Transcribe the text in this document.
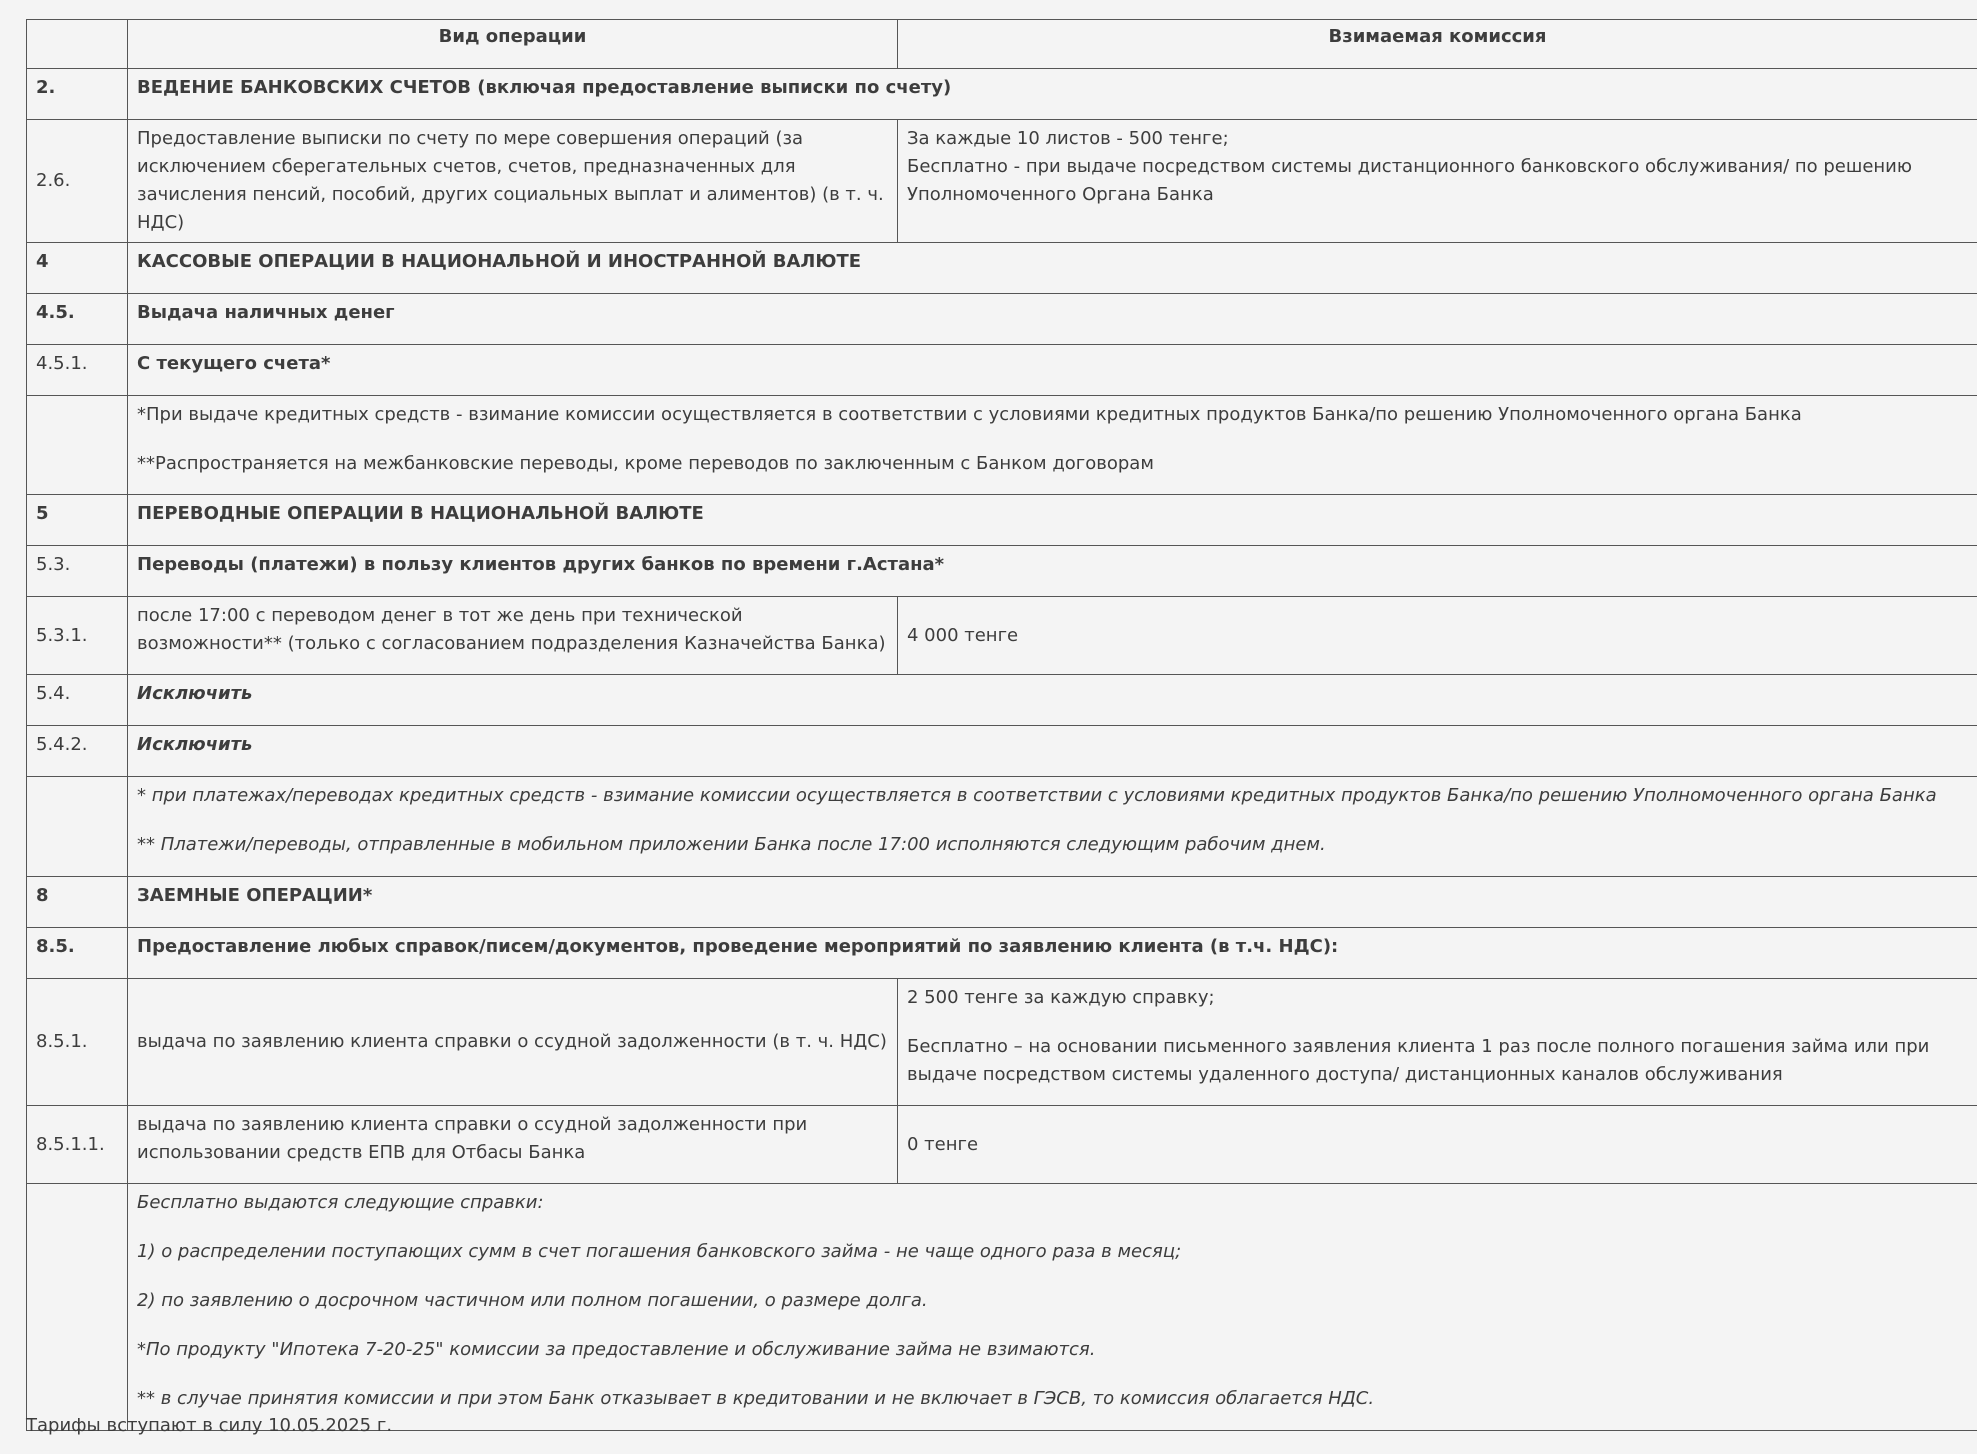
	Вид операции	Взимаемая комиссия
2.	ВЕДЕНИЕ БАНКОВСКИХ СЧЕТОВ (включая предоставление выписки по счету)	
2.6.	Предоставление выписки по счету по мере совершения операций (за исключением сберегательных счетов, счетов, предназначенных для зачисления пенсий, пособий, других социальных выплат и алиментов) (в т. ч. НДС)	За каждые 10 листов - 500 тенге;
Бесплатно - при выдаче посредством системы дистанционного банковского обслуживания/ по решению Уполномоченного Органа Банка

4	КАССОВЫЕ ОПЕРАЦИИ В НАЦИОНАЛЬНОЙ И ИНОСТРАННОЙ ВАЛЮТЕ	
4.5.	Выдача наличных денег	
4.5.1.	С текущего счета*	

	*При выдаче кредитных средств - взимание комиссии осуществляется в соответствии с условиями кредитных продуктов Банка/по решению Уполномоченного органа Банка

**Распространяется на межбанковские переводы, кроме переводов по заключенным с Банком договорам	

5	ПЕРЕВОДНЫЕ ОПЕРАЦИИ В НАЦИОНАЛЬНОЙ ВАЛЮТЕ	
5.3.	Переводы (платежи) в пользу клиентов других банков по времени г.Астана*	
5.3.1.	после 17:00 с переводом денег в тот же день при технической возможности** (только с согласованием подразделения Казначейства Банка)	4 000 тенге
5.4.	Исключить	
5.4.2.	Исключить	

	* при платежах/переводах кредитных средств - взимание комиссии осуществляется в соответствии с условиями кредитных продуктов Банка/по решению Уполномоченного органа Банка

** Платежи/переводы, отправленные в мобильном приложении Банка после 17:00 исполняются следующим рабочим днем.	

8	ЗАЕМНЫЕ ОПЕРАЦИИ*	
8.5.	Предоставление любых справок/писем/документов, проведение мероприятий по заявлению клиента (в т.ч. НДС):	
8.5.1.	выдача по заявлению клиента справки о ссудной задолженности (в т. ч. НДС)	2 500 тенге за каждую справку;

Бесплатно – на основании письменного заявления клиента 1 раз после полного погашения займа или при выдаче посредством системы удаленного доступа/ дистанционных каналов обслуживания

8.5.1.1.	выдача по заявлению клиента справки о ссудной задолженности при использовании средств ЕПВ для Отбасы Банка	0 тенге

	Бесплатно выдаются следующие справки:

1) о распределении поступающих сумм в счет погашения банковского займа - не чаще одного раза в месяц;

2) по заявлению о досрочном частичном или полном погашении, о размере долга.

*По продукту "Ипотека 7-20-25" комиссии за предоставление и обслуживание займа не взимаются.

** в случае принятия комиссии и при этом Банк отказывает в кредитовании и не включает в ГЭСВ, то комиссия облагается НДС.	

Тарифы вступают в силу 10.05.2025 г.
